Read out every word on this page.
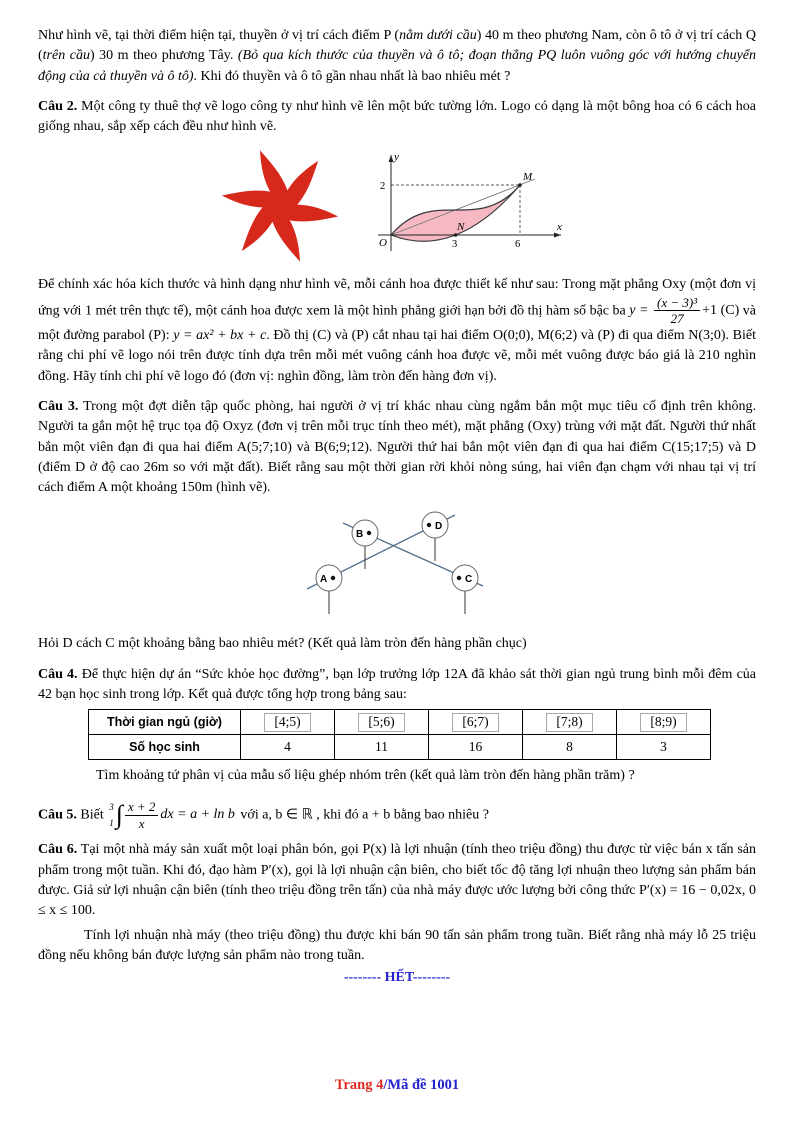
Như hình vẽ, tại thời điểm hiện tại, thuyền ở vị trí cách điểm P (nằm dưới cầu) 40 m theo phương Nam, còn ô tô ở vị trí cách Q (trên cầu) 30 m theo phương Tây. (Bỏ qua kích thước của thuyền và ô tô; đoạn thẳng PQ luôn vuông góc với hướng chuyển động của cả thuyền và ô tô). Khi đó thuyền và ô tô gần nhau nhất là bao nhiêu mét ?

Câu 2. Một công ty thuê thợ vẽ logo công ty như hình vẽ lên một bức tường lớn. Logo có dạng là một bông hoa có 6 cách hoa giống nhau, sắp xếp cách đều như hình vẽ.

y
2
M
N
O	3	6
x

Để chính xác hóa kích thước và hình dạng như hình vẽ, mỗi cánh hoa được thiết kế như sau: Trong mặt phẳng Oxy (một đơn vị ứng với 1 mét trên thực tế), một cánh hoa được xem là một hình phẳng giới hạn bởi đồ thị hàm số bậc ba $y = \frac{\text{(x − 3)³}}{27} +1$ (C) và một đường parabol (P): y = ax² + bx + c. Đồ thị (C) và (P) cắt nhau tại hai điểm O(0;0), M(6;2) và (P) đi qua điểm N(3;0). Biết rằng chi phí vẽ logo nói trên được tính dựa trên mỗi mét vuông cánh hoa được vẽ, mỗi mét vuông được báo giá là 210 nghìn đồng. Hãy tính chi phí vẽ logo đó (đơn vị: nghìn đồng, làm tròn đến hàng đơn vị).

Câu 3. Trong một đợt diễn tập quốc phòng, hai người ở vị trí khác nhau cùng ngắm bắn một mục tiêu cố định trên không. Người ta gắn một hệ trục tọa độ Oxyz (đơn vị trên mỗi trục tính theo mét), mặt phẳng (Oxy) trùng với mặt đất. Người thứ nhất bắn một viên đạn đi qua hai điểm A(5;7;10) và B(6;9;12). Người thứ hai bắn một viên đạn đi qua hai điểm C(15;17;5) và D (điểm D ở độ cao 26m so với mặt đất). Biết rằng sau một thời gian rời khỏi nòng súng, hai viên đạn chạm với nhau tại vị trí cách điểm A một khoảng 150m (hình vẽ).

A
B
D
C

Hỏi D cách C một khoảng bằng bao nhiêu mét? (Kết quả làm tròn đến hàng phần chục)

Câu 4. Để thực hiện dự án “Sức khỏe học đường”, bạn lớp trưởng lớp 12A đã khảo sát thời gian ngủ trung bình mỗi đêm của 42 bạn học sinh trong lớp. Kết quả được tổng hợp trong bảng sau:

Thời gian ngủ (giờ)	[4;5)	[5;6)	[6;7)	[7;8)	[8;9)
Số học sinh	4	11	16	8	3

Tìm khoảng tứ phân vị của mẫu số liệu ghép nhóm trên (kết quả làm tròn đến hàng phần trăm) ?

Câu 5. Biết
3
1 ∫ $\frac{x + 2}{x}$ dx = a + ln b với a, b ∈ ℝ , khi đó a + b bằng bao nhiêu ?

Câu 6. Tại một nhà máy sản xuất một loại phân bón, gọi P(x) là lợi nhuận (tính theo triệu đồng) thu được từ việc bán x tấn sản phẩm trong một tuần. Khi đó, đạo hàm P′(x), gọi là lợi nhuận cận biên, cho biết tốc độ tăng lợi nhuận theo lượng sản phẩm bán được. Giả sử lợi nhuận cận biên (tính theo triệu đồng trên tấn) của nhà máy được ước lượng bởi công thức P′(x) = 16 − 0,02x, 0 ≤ x ≤ 100.

Tính lợi nhuận nhà máy (theo triệu đồng) thu được khi bán 90 tấn sản phẩm trong tuần. Biết rằng nhà máy lỗ 25 triệu đồng nếu không bán được lượng sản phẩm nào trong tuần.

-------- HẾT--------
Trang 4/Mã đề 1001
